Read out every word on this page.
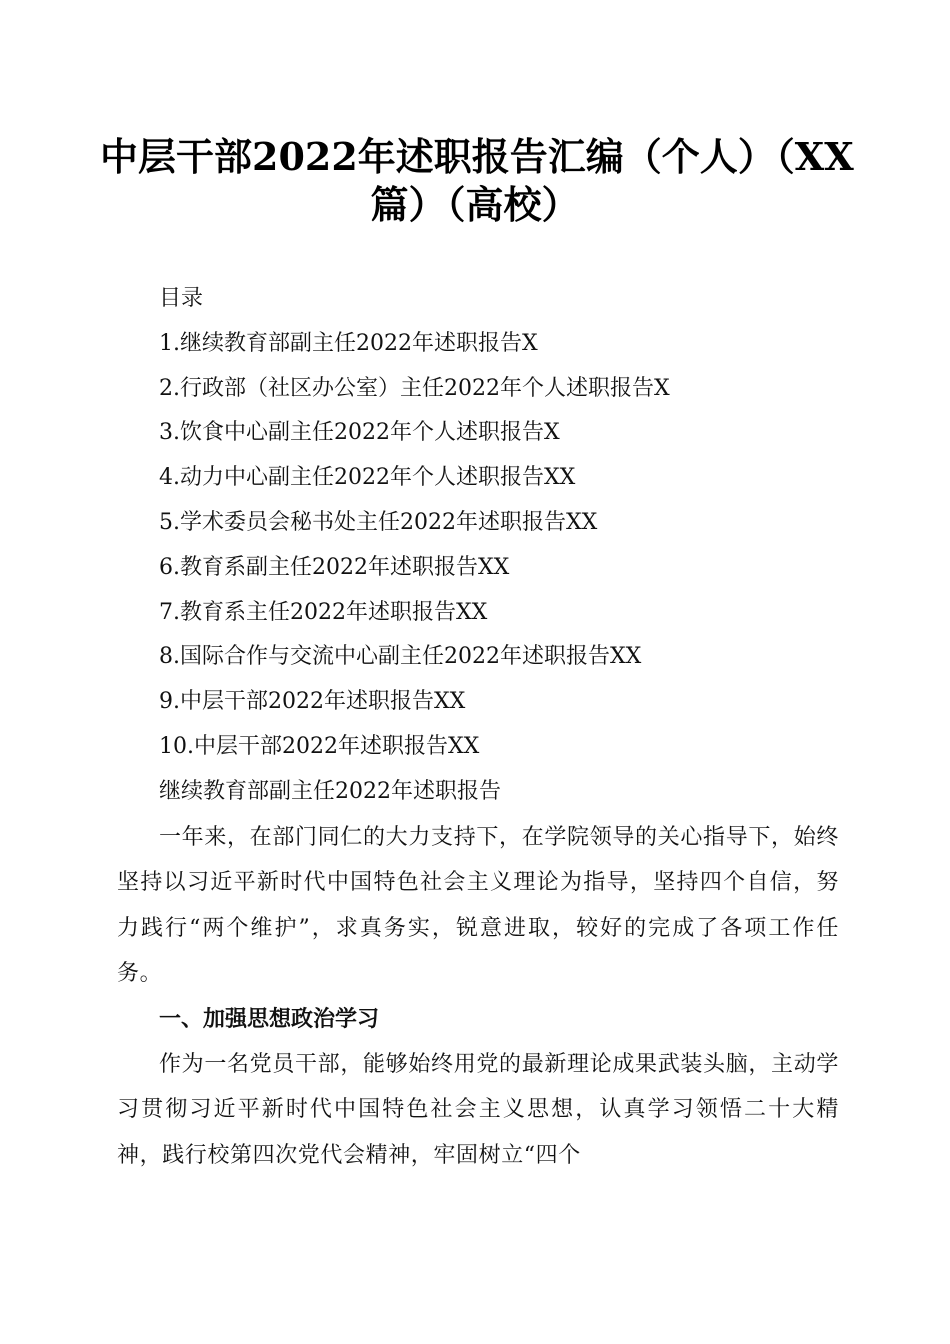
中层干部2022年述职报告汇编（个人）（XX
篇）（高校）
目录
1.继续教育部副主任2022年述职报告X
2.行政部（社区办公室）主任2022年个人述职报告X
3.饮食中心副主任2022年个人述职报告X
4.动力中心副主任2022年个人述职报告XX
5.学术委员会秘书处主任2022年述职报告XX
6.教育系副主任2022年述职报告XX
7.教育系主任2022年述职报告XX
8.国际合作与交流中心副主任2022年述职报告XX
9.中层干部2022年述职报告XX
10.中层干部2022年述职报告XX
继续教育部副主任2022年述职报告

一年来，在部门同仁的大力支持下，在学院领导的关心指导下，始终坚持以习近平新时代中国特色社会主义理论为指导，坚持四个自信，努力践行“两个维护”，求真务实，锐意进取，较好的完成了各项工作任务。

一、加强思想政治学习

作为一名党员干部，能够始终用党的最新理论成果武装头脑，主动学习贯彻习近平新时代中国特色社会主义思想，认真学习领悟二十大精神，践行校第四次党代会精神，牢固树立“四个
